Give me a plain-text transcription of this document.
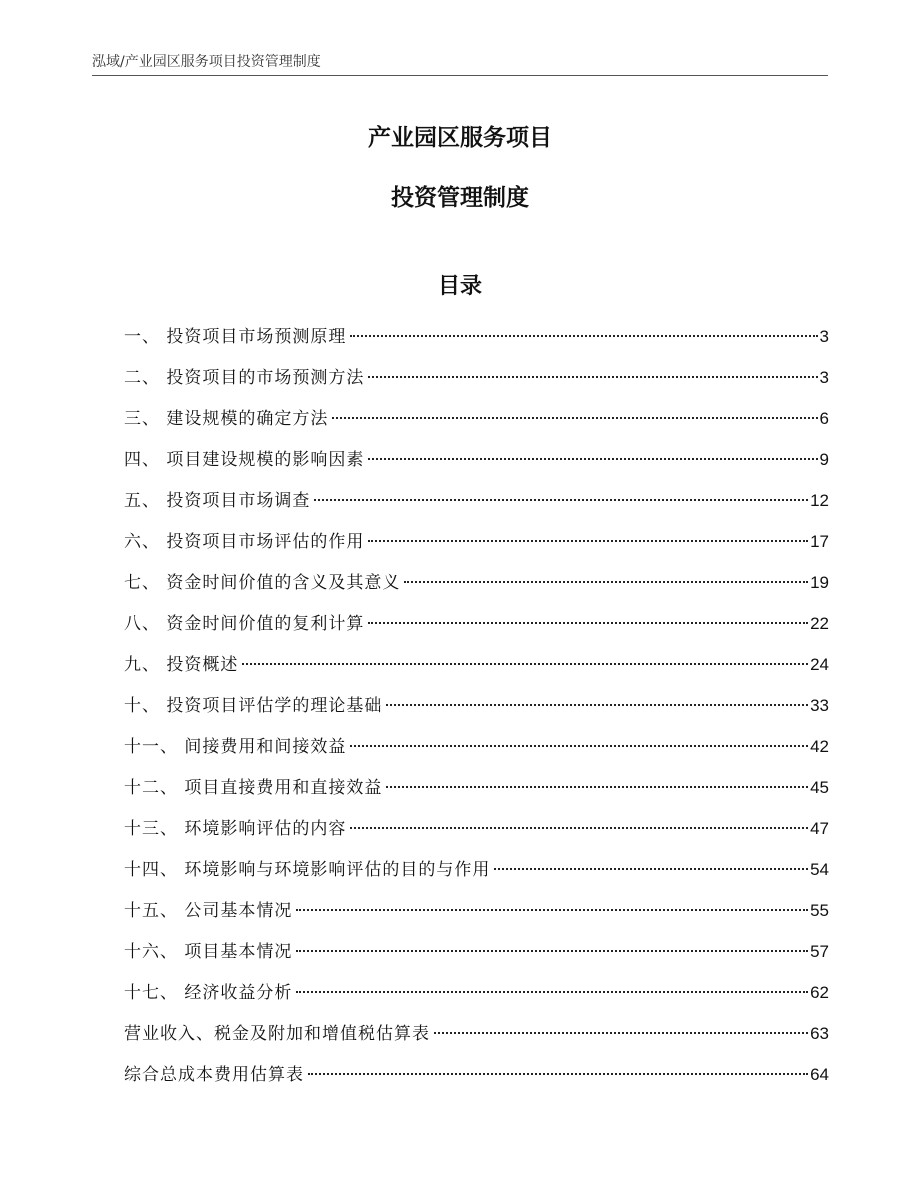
泓域/产业园区服务项目投资管理制度
产业园区服务项目
投资管理制度
目录
一、 投资项目市场预测原理	3
二、 投资项目的市场预测方法	3
三、 建设规模的确定方法	6
四、 项目建设规模的影响因素	9
五、 投资项目市场调查	12
六、 投资项目市场评估的作用	17
七、 资金时间价值的含义及其意义	19
八、 资金时间价值的复利计算	22
九、 投资概述	24
十、 投资项目评估学的理论基础	33
十一、 间接费用和间接效益	42
十二、 项目直接费用和直接效益	45
十三、 环境影响评估的内容	47
十四、 环境影响与环境影响评估的目的与作用	54
十五、 公司基本情况	55
十六、 项目基本情况	57
十七、 经济收益分析	62
营业收入、税金及附加和增值税估算表	63
综合总成本费用估算表	64
